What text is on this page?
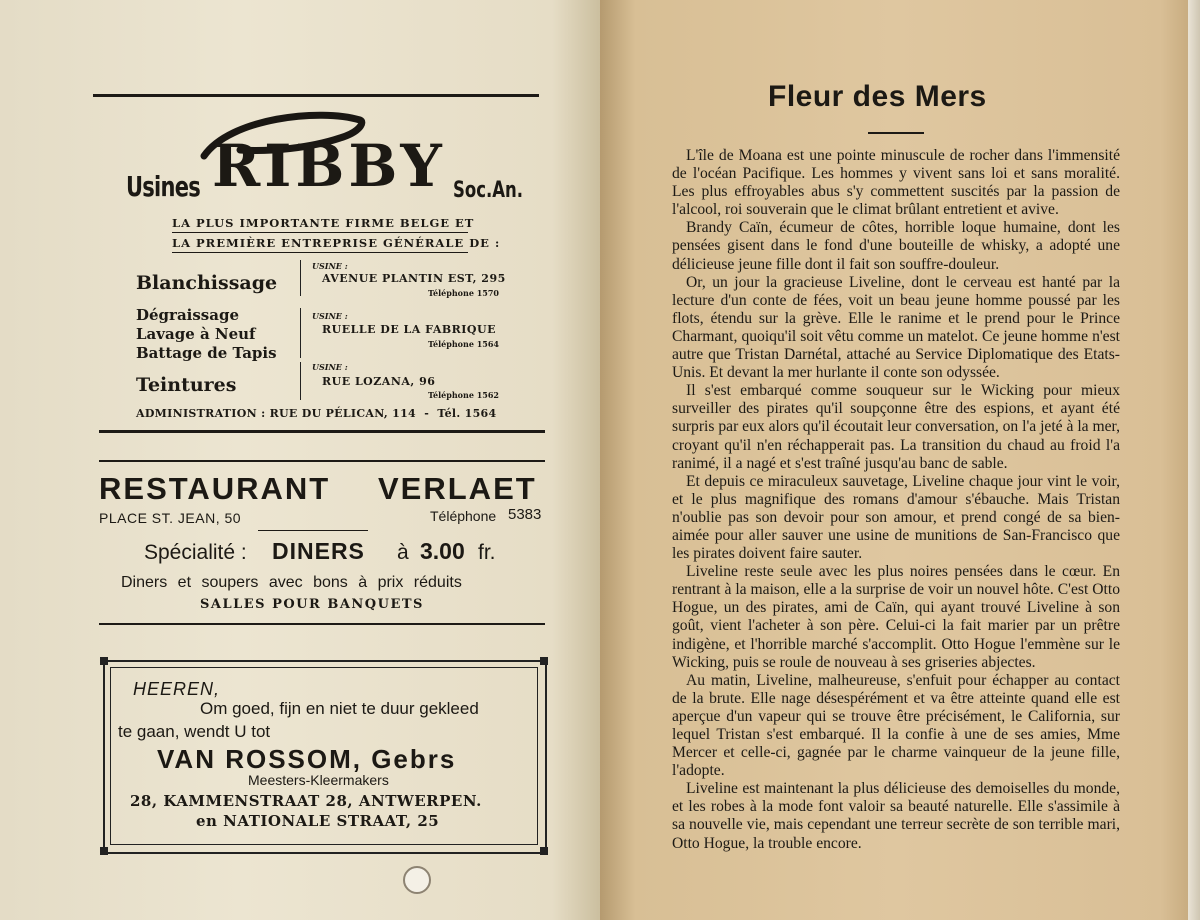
Usines RIBBY Soc.An.
LA PLUS IMPORTANTE FIRME BELGE ET
LA PREMIÈRE ENTREPRISE GÉNÉRALE DE :
Blanchissage
Dégraissage
Lavage à Neuf
Battage de Tapis
Teintures
USINE :
AVENUE PLANTIN EST, 295
Téléphone 1570
USINE :
RUELLE DE LA FABRIQUE
Téléphone 1564
USINE :
RUE LOZANA, 96
Téléphone 1562
ADMINISTRATION : RUE DU PÉLICAN, 114  -  Tél. 1564
RESTAURANT VERLAET
PLACE ST. JEAN, 50	Téléphone 5383
Spécialité : DINERS à 3.00 fr.
Diners et soupers avec bons à prix réduits
SALLES POUR BANQUETS
HEEREN,
Om goed, fijn en niet te duur gekleed
te gaan, wendt U tot
VAN ROSSOM, Gebrs
Meesters-Kleermakers
28, KAMMENSTRAAT 28, ANTWERPEN.
en NATIONALE STRAAT, 25
Fleur des Mers

L'île de Moana est une pointe minuscule de rocher dans l'immensité de l'océan Pacifique. Les hommes y vivent sans loi et sans moralité. Les plus effroyables abus s'y commettent suscités par la passion de l'alcool, roi souverain que le climat brûlant entretient et avive.

Brandy Caïn, écumeur de côtes, horrible loque humaine, dont les pensées gisent dans le fond d'une bouteille de whisky, a adopté une délicieuse jeune fille dont il fait son souffre-douleur.

Or, un jour la gracieuse Liveline, dont le cerveau est hanté par la lecture d'un conte de fées, voit un beau jeune homme poussé par les flots, étendu sur la grève. Elle le ranime et le prend pour le Prince Charmant, quoiqu'il soit vêtu comme un matelot. Ce jeune homme n'est autre que Tristan Darnétal, attaché au Service Diplomatique des Etats-Unis. Et devant la mer hurlante il conte son odyssée.

Il s'est embarqué comme souqueur sur le Wicking pour mieux surveiller des pirates qu'il soupçonne être des espions, et ayant été surpris par eux alors qu'il écoutait leur conversation, on l'a jeté à la mer, croyant qu'il n'en réchapperait pas. La transition du chaud au froid l'a ranimé, il a nagé et s'est traîné jusqu'au banc de sable.

Et depuis ce miraculeux sauvetage, Liveline chaque jour vint le voir, et le plus magnifique des romans d'amour s'ébauche. Mais Tristan n'oublie pas son devoir pour son amour, et prend congé de sa bien-aimée pour aller sauver une usine de munitions de San-Francisco que les pirates doivent faire sauter.

Liveline reste seule avec les plus noires pensées dans le cœur. En rentrant à la maison, elle a la surprise de voir un nouvel hôte. C'est Otto Hogue, un des pirates, ami de Caïn, qui ayant trouvé Liveline à son goût, vient l'acheter à son père. Celui-ci la fait marier par un prêtre indigène, et l'horrible marché s'accomplit. Otto Hogue l'emmène sur le Wicking, puis se roule de nouveau à ses griseries abjectes.

Au matin, Liveline, malheureuse, s'enfuit pour échapper au contact de la brute. Elle nage désespérément et va être atteinte quand elle est aperçue d'un vapeur qui se trouve être précisément, le California, sur lequel Tristan s'est embarqué. Il la confie à une de ses amies, Mme Mercer et celle-ci, gagnée par le charme vainqueur de la jeune fille, l'adopte.

Liveline est maintenant la plus délicieuse des demoiselles du monde, et les robes à la mode font valoir sa beauté naturelle. Elle s'assimile à sa nouvelle vie, mais cependant une terreur secrète de son terrible mari, Otto Hogue, la trouble encore.
